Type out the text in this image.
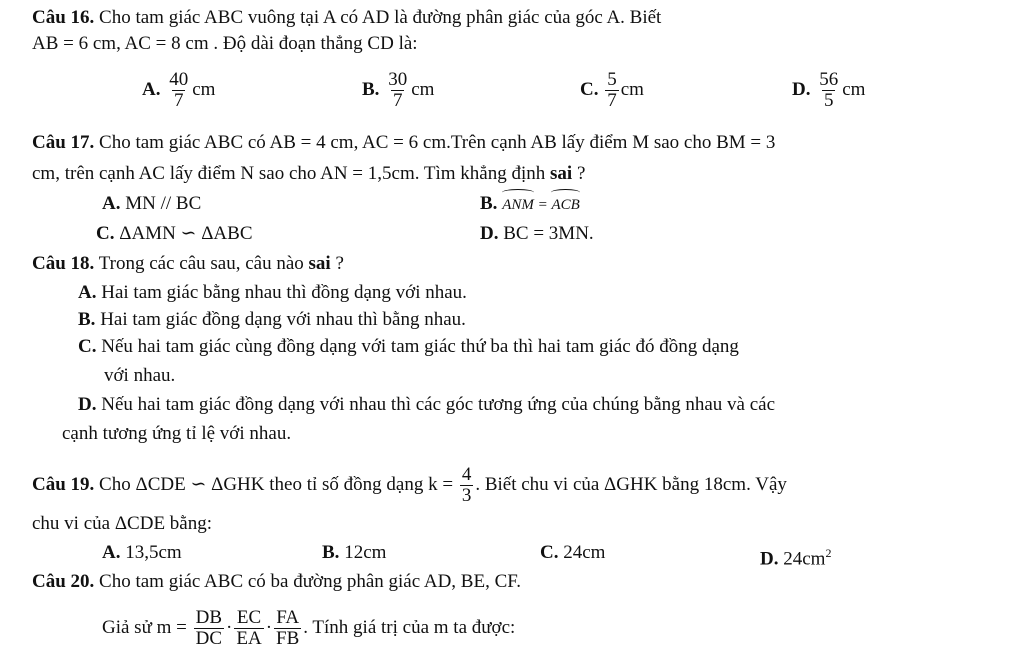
Câu 16. Cho tam giác ABC vuông tại A có AD là đường phân giác của góc A. Biết
AB = 6 cm, AC = 8 cm . Độ dài đoạn thẳng CD là:
A. $\frac{40}{7}$ cm	B. $\frac{30}{7}$ cm	C. $\frac{5}{7}$ cm	D. $\frac{56}{5}$ cm
Câu 17. Cho tam giác ABC có AB = 4 cm, AC = 6 cm.Trên cạnh AB lấy điểm M sao cho BM = 3
cm, trên cạnh AC lấy điểm N sao cho AN = 1,5cm. Tìm khẳng định sai ?
A. MN // BC	B. ANM = ACB
C. ΔAMN ∽ ΔABC	D. BC = 3MN.
Câu 18. Trong các câu sau, câu nào sai ?
A. Hai tam giác bằng nhau thì đồng dạng với nhau.
B. Hai tam giác đồng dạng với nhau thì bằng nhau.
C. Nếu hai tam giác cùng đồng dạng với tam giác thứ ba thì hai tam giác đó đồng dạng
với nhau.
D. Nếu hai tam giác đồng dạng với nhau thì các góc tương ứng của chúng bằng nhau và các
cạnh tương ứng tỉ lệ với nhau.
Câu 19. Cho ΔCDE ∽ ΔGHK theo tỉ số đồng dạng $k = \frac{4}{3}$ . Biết chu vi của ΔGHK bằng 18cm. Vậy
chu vi của ΔCDE bằng:
A. 13,5cm	B. 12cm	C. 24cm	D. $24cm^2$
Câu 20. Cho tam giác ABC có ba đường phân giác AD, BE, CF.
Giả sử $m = \frac{DB}{DC} \cdot \frac{EC}{EA} \cdot \frac{FA}{FB}$ . Tính giá trị của m ta được:
